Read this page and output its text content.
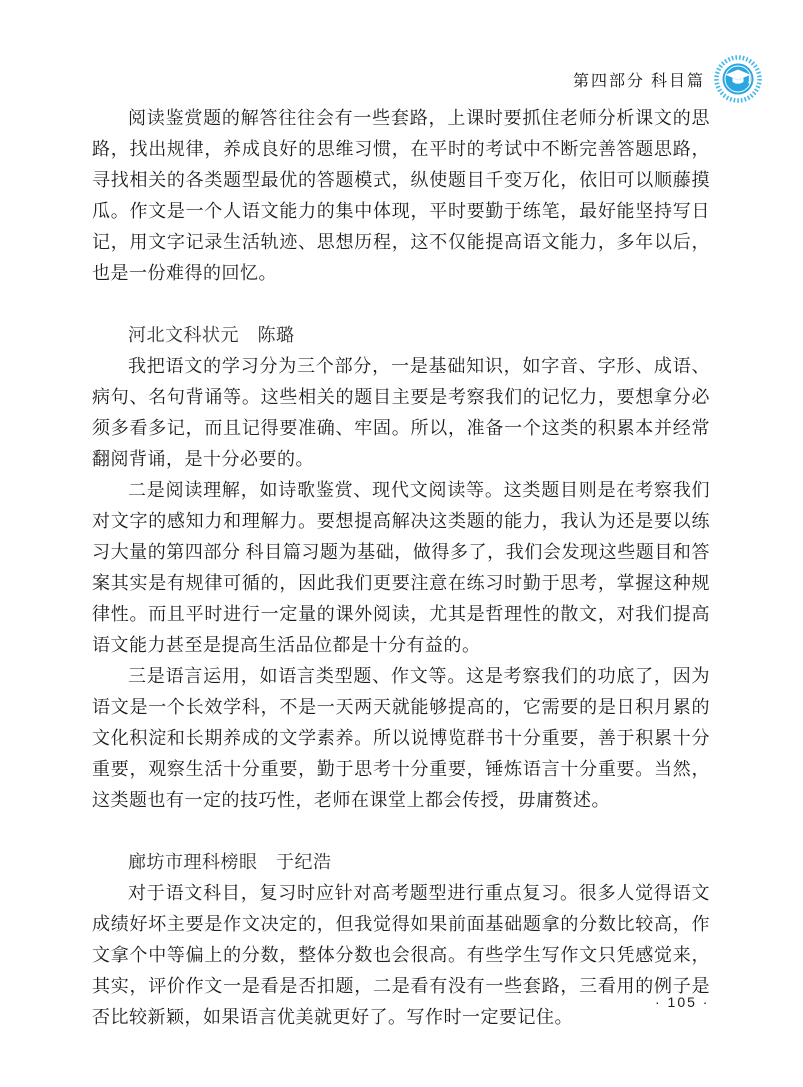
第四部分 科目篇

阅读鉴赏题的解答往往会有一些套路，上课时要抓住老师分析课文的思路，找出规律，养成良好的思维习惯，在平时的考试中不断完善答题思路，寻找相关的各类题型最优的答题模式，纵使题目千变万化，依旧可以顺藤摸瓜。作文是一个人语文能力的集中体现，平时要勤于练笔，最好能坚持写日记，用文字记录生活轨迹、思想历程，这不仅能提高语文能力，多年以后，也是一份难得的回忆。

河北文科状元　陈璐

我把语文的学习分为三个部分，一是基础知识，如字音、字形、成语、病句、名句背诵等。这些相关的题目主要是考察我们的记忆力，要想拿分必须多看多记，而且记得要准确、牢固。所以，准备一个这类的积累本并经常翻阅背诵，是十分必要的。

二是阅读理解，如诗歌鉴赏、现代文阅读等。这类题目则是在考察我们对文字的感知力和理解力。要想提高解决这类题的能力，我认为还是要以练习大量的第四部分 科目篇习题为基础，做得多了，我们会发现这些题目和答案其实是有规律可循的，因此我们更要注意在练习时勤于思考，掌握这种规律性。而且平时进行一定量的课外阅读，尤其是哲理性的散文，对我们提高语文能力甚至是提高生活品位都是十分有益的。

三是语言运用，如语言类型题、作文等。这是考察我们的功底了，因为语文是一个长效学科，不是一天两天就能够提高的，它需要的是日积月累的文化积淀和长期养成的文学素养。所以说博览群书十分重要，善于积累十分重要，观察生活十分重要，勤于思考十分重要，锤炼语言十分重要。当然，这类题也有一定的技巧性，老师在课堂上都会传授，毋庸赘述。

廊坊市理科榜眼　于纪浩

对于语文科目，复习时应针对高考题型进行重点复习。很多人觉得语文成绩好坏主要是作文决定的，但我觉得如果前面基础题拿的分数比较高，作文拿个中等偏上的分数，整体分数也会很高。有些学生写作文只凭感觉来，其实，评价作文一是看是否扣题，二是看有没有一些套路，三看用的例子是否比较新颖，如果语言优美就更好了。写作时一定要记住。

· 105 ·
